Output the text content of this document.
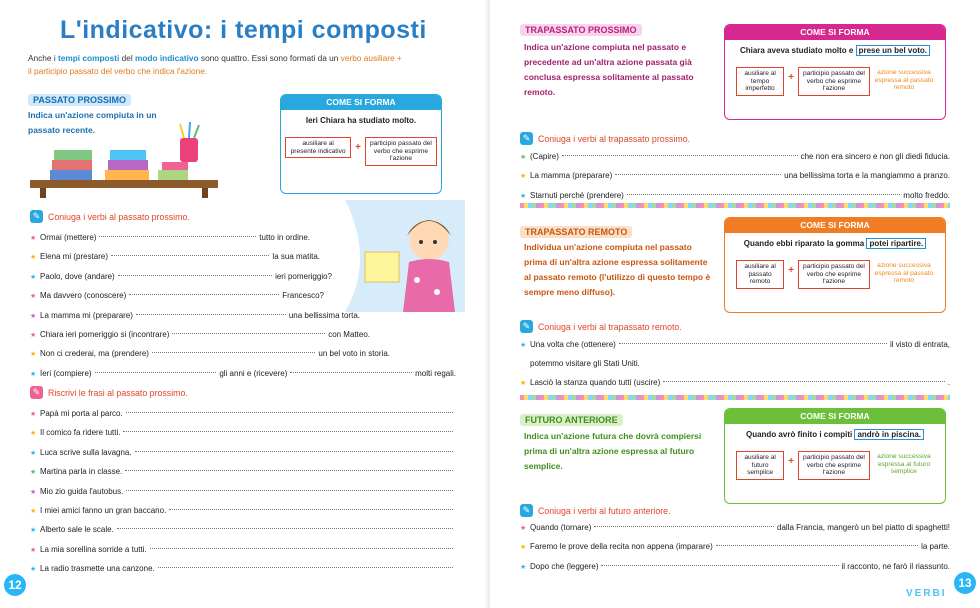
L'indicativo: i tempi composti
Anche i tempi composti del modo indicativo sono quattro. Essi sono formati da un verbo ausiliare +
il participio passato del verbo che indica l'azione.
PASSATO PROSSIMO
Indica un'azione compiuta in un passato recente.
COME SI FORMA
Ieri Chiara ha studiato molto.
ausiliare al presente indicativo +	participio passato del verbo che esprime l'azione
✎ Coniuga i verbi al passato prossimo.
★ Ormai (mettere)	tutto in ordine.
★ Elena mi (prestare)	la sua matita.
★ Paolo, dove (andare)	ieri pomeriggio?
★ Ma davvero (conoscere)	Francesco?
★ La mamma mi (preparare)	una bellissima torta.
★ Chiara ieri pomeriggio si (incontrare)	con Matteo.
★ Non ci crederai, ma (prendere)	un bel voto in storia.
★ Ieri (compiere)	gli anni e (ricevere)	molti regali.
✎ Riscrivi le frasi al passato prossimo.
★ Papà mi porta al parco.
★ Il comico fa ridere tutti.
★ Luca scrive sulla lavagna.
★ Martina parla in classe.
★ Mio zio guida l'autobus.
★ I miei amici fanno un gran baccano.
★ Alberto sale le scale.
★ La mia sorellina sorride a tutti.
★ La radio trasmette una canzone.
12
TRAPASSATO PROSSIMO
Indica un'azione compiuta nel passato e precedente ad un'altra azione passata già conclusa espressa solitamente al passato remoto.
COME SI FORMA
Chiara aveva studiato molto e prese un bel voto.
ausiliare al tempo imperfetto
+	participio passato del verbo che esprime l'azione
azione successiva espressa al passato remoto
✎ Coniuga i verbi al trapassato prossimo.
★ (Capire)	che non era sincero e non gli diedi fiducia.
★ La mamma (preparare)	una bellissima torta e la mangiammo a pranzo.
★ Starnuti perché (prendere)	molto freddo.
TRAPASSATO REMOTO
Individua un'azione compiuta nel passato prima di un'altra azione espressa solitamente al passato remoto (l'utilizzo di questo tempo è sempre meno diffuso).
COME SI FORMA
Quando ebbi riparato la gomma potei ripartire.
ausiliare al passato remoto
+	participio passato del verbo che esprime l'azione
azione successiva espressa al passato remoto
✎ Coniuga i verbi al trapassato remoto.
★ Una volta che (ottenere)	il visto di entrata,
potemmo visitare gli Stati Uniti.
★ Lasciò la stanza quando tutti (uscire)	.
FUTURO ANTERIORE
Indica un'azione futura che dovrà compiersi prima di un'altra azione espressa al futuro semplice.
COME SI FORMA
Quando avrò finito i compiti andrò in piscina.
ausiliare al futuro semplice
+	participio passato del verbo che esprime l'azione
azione successiva espressa al futuro semplice
✎ Coniuga i verbi al futuro anteriore.
★ Quando (tornare)	dalla Francia, mangerò un bel piatto di spaghetti!
★ Faremo le prove della recita non appena (imparare)	la parte.
★ Dopo che (leggere)	il racconto, ne farò il riassunto.
VERBI
13
